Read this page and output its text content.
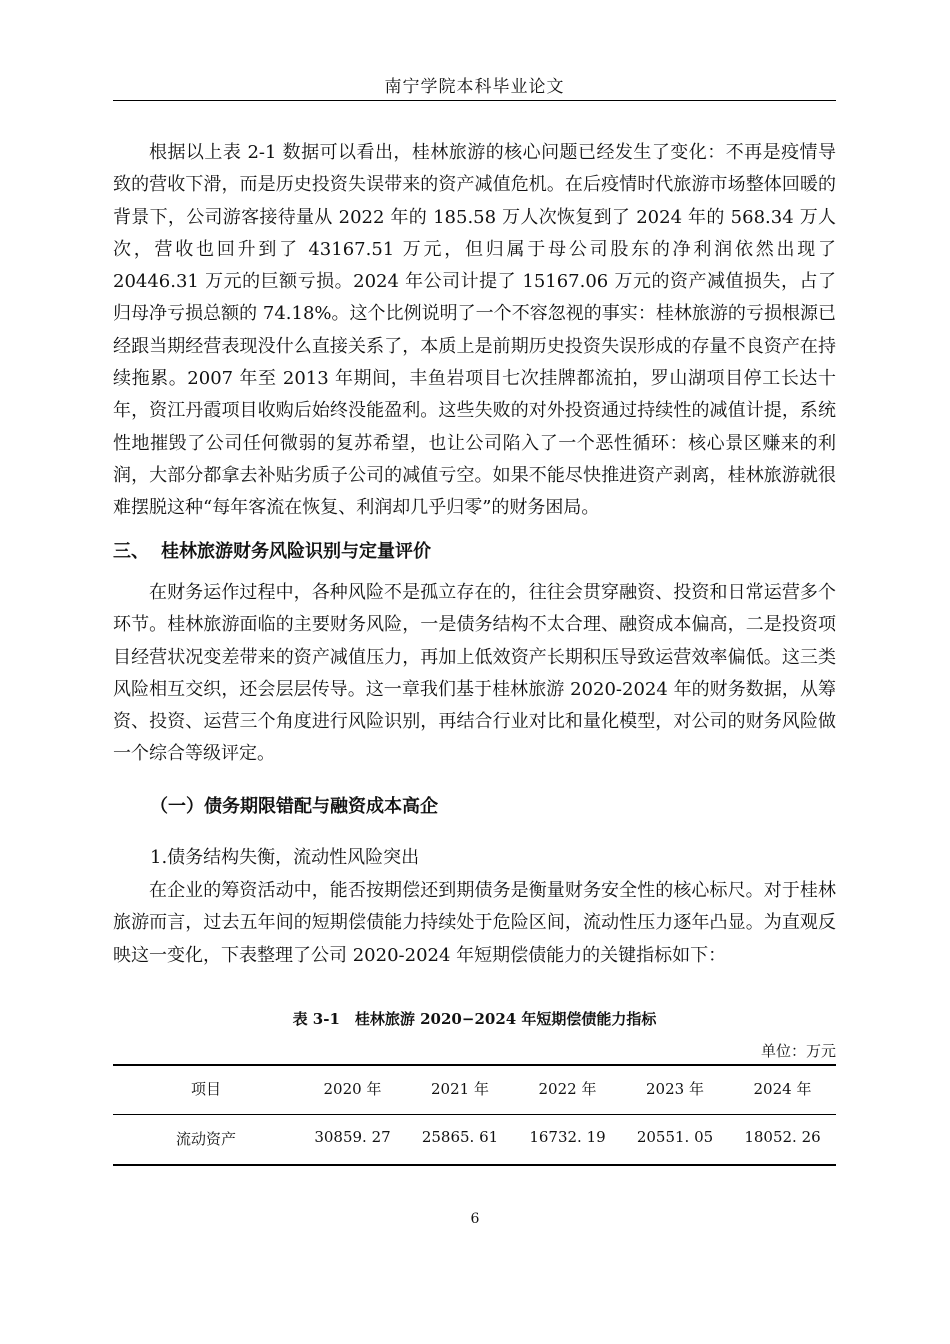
南宁学院本科毕业论文

根据以上表 2-1 数据可以看出，桂林旅游的核心问题已经发生了变化：不再是疫情导致的营收下滑，而是历史投资失误带来的资产减值危机。在后疫情时代旅游市场整体回暖的背景下，公司游客接待量从 2022 年的 185.58 万人次恢复到了 2024 年的 568.34 万人次，营收也回升到了 43167.51 万元，但归属于母公司股东的净利润依然出现了 20446.31 万元的巨额亏损。2024 年公司计提了 15167.06 万元的资产减值损失，占了归母净亏损总额的 74.18%。这个比例说明了一个不容忽视的事实：桂林旅游的亏损根源已经跟当期经营表现没什么直接关系了，本质上是前期历史投资失误形成的存量不良资产在持续拖累。2007 年至 2013 年期间，丰鱼岩项目七次挂牌都流拍，罗山湖项目停工长达十年，资江丹霞项目收购后始终没能盈利。这些失败的对外投资通过持续性的减值计提，系统性地摧毁了公司任何微弱的复苏希望，也让公司陷入了一个恶性循环：核心景区赚来的利润，大部分都拿去补贴劣质子公司的减值亏空。如果不能尽快推进资产剥离，桂林旅游就很难摆脱这种“每年客流在恢复、利润却几乎归零”的财务困局。

三、 桂林旅游财务风险识别与定量评价

在财务运作过程中，各种风险不是孤立存在的，往往会贯穿融资、投资和日常运营多个环节。桂林旅游面临的主要财务风险，一是债务结构不太合理、融资成本偏高，二是投资项目经营状况变差带来的资产减值压力，再加上低效资产长期积压导致运营效率偏低。这三类风险相互交织，还会层层传导。这一章我们基于桂林旅游 2020-2024 年的财务数据，从筹资、投资、运营三个角度进行风险识别，再结合行业对比和量化模型，对公司的财务风险做一个综合等级评定。

（一）债务期限错配与融资成本高企
1.债务结构失衡，流动性风险突出

在企业的筹资活动中，能否按期偿还到期债务是衡量财务安全性的核心标尺。对于桂林旅游而言，过去五年间的短期偿债能力持续处于危险区间，流动性压力逐年凸显。为直观反映这一变化，下表整理了公司 2020-2024 年短期偿债能力的关键指标如下：

表 3-1　桂林旅游 2020−2024 年短期偿债能力指标
单位：万元
项目	2020 年	2021 年	2022 年	2023 年	2024 年
流动资产	30859. 27	25865. 61	16732. 19	20551. 05	18052. 26
6
